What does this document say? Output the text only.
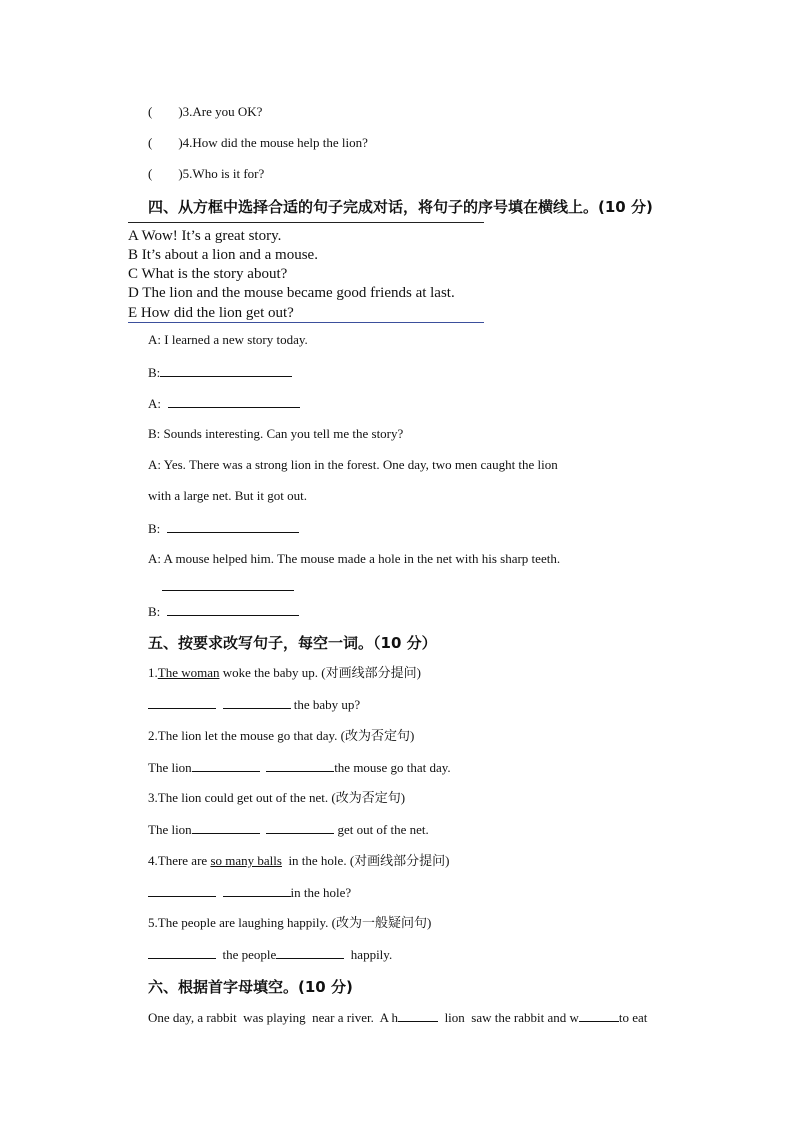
(        )3.Are you OK?
(        )4.How did the mouse help the lion?
(        )5.Who is it for?
四、从方框中选择合适的句子完成对话，将句子的序号填在横线上。(10 分)
A Wow! It’s a great story.
B It’s about a lion and a mouse.
C What is the story about?
D The lion and the mouse became good friends at last.
E How did the lion get out?
A: I learned a new story today.
B:
A:
B: Sounds interesting. Can you tell me the story?
A: Yes. There was a strong lion in the forest. One day, two men caught the lion
with a large net. But it got out.
B:
A: A mouse helped him. The mouse made a hole in the net with his sharp teeth.
B:
五、按要求改写句子，每空一词。（10 分）
1.The woman woke the baby up. (对画线部分提问)
the baby up?
2.The lion let the mouse go that day. (改为否定句)
The lion	the mouse go that day.
3.The lion could get out of the net. (改为否定句)
The lion	get out of the net.
4.There are so many balls  in the hole. (对画线部分提问)
in the hole?
5.The people are laughing happily. (改为一般疑问句)
the people	happily.
六、根据首字母填空。(10 分)
One day, a rabbit  was playing  near a river.  A h	lion  saw the rabbit and w	to eat
